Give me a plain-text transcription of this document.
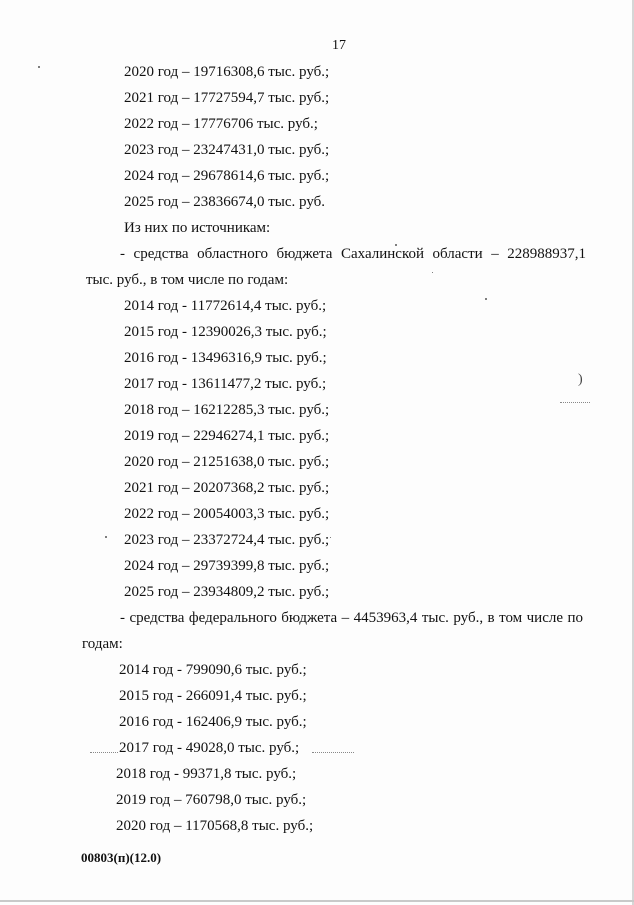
17
2020 год – 19716308,6 тыс. руб.;
2021 год – 17727594,7 тыс. руб.;
2022 год – 17776706 тыс. руб.;
2023 год – 23247431,0 тыс. руб.;
2024 год – 29678614,6 тыс. руб.;
2025 год – 23836674,0 тыс. руб.
Из них по источникам:
- средства областного бюджета Сахалинской области – 228988937,1
тыс. руб., в том числе по годам:
2014 год - 11772614,4 тыс. руб.;
2015 год - 12390026,3 тыс. руб.;
2016 год - 13496316,9 тыс. руб.;
2017 год - 13611477,2 тыс. руб.;
2018 год – 16212285,3 тыс. руб.;
2019 год – 22946274,1 тыс. руб.;
2020 год – 21251638,0 тыс. руб.;
2021 год – 20207368,2 тыс. руб.;
2022 год – 20054003,3 тыс. руб.;
2023 год – 23372724,4 тыс. руб.;
2024 год – 29739399,8 тыс. руб.;
2025 год – 23934809,2 тыс. руб.;
- средства федерального бюджета – 4453963,4 тыс. руб., в том числе по
годам:
2014 год - 799090,6 тыс. руб.;
2015 год - 266091,4 тыс. руб.;
2016 год - 162406,9 тыс. руб.;
2017 год - 49028,0 тыс. руб.;
2018 год - 99371,8 тыс. руб.;
2019 год – 760798,0 тыс. руб.;
2020 год – 1170568,8 тыс. руб.;
00803(п)(12.0)
)
